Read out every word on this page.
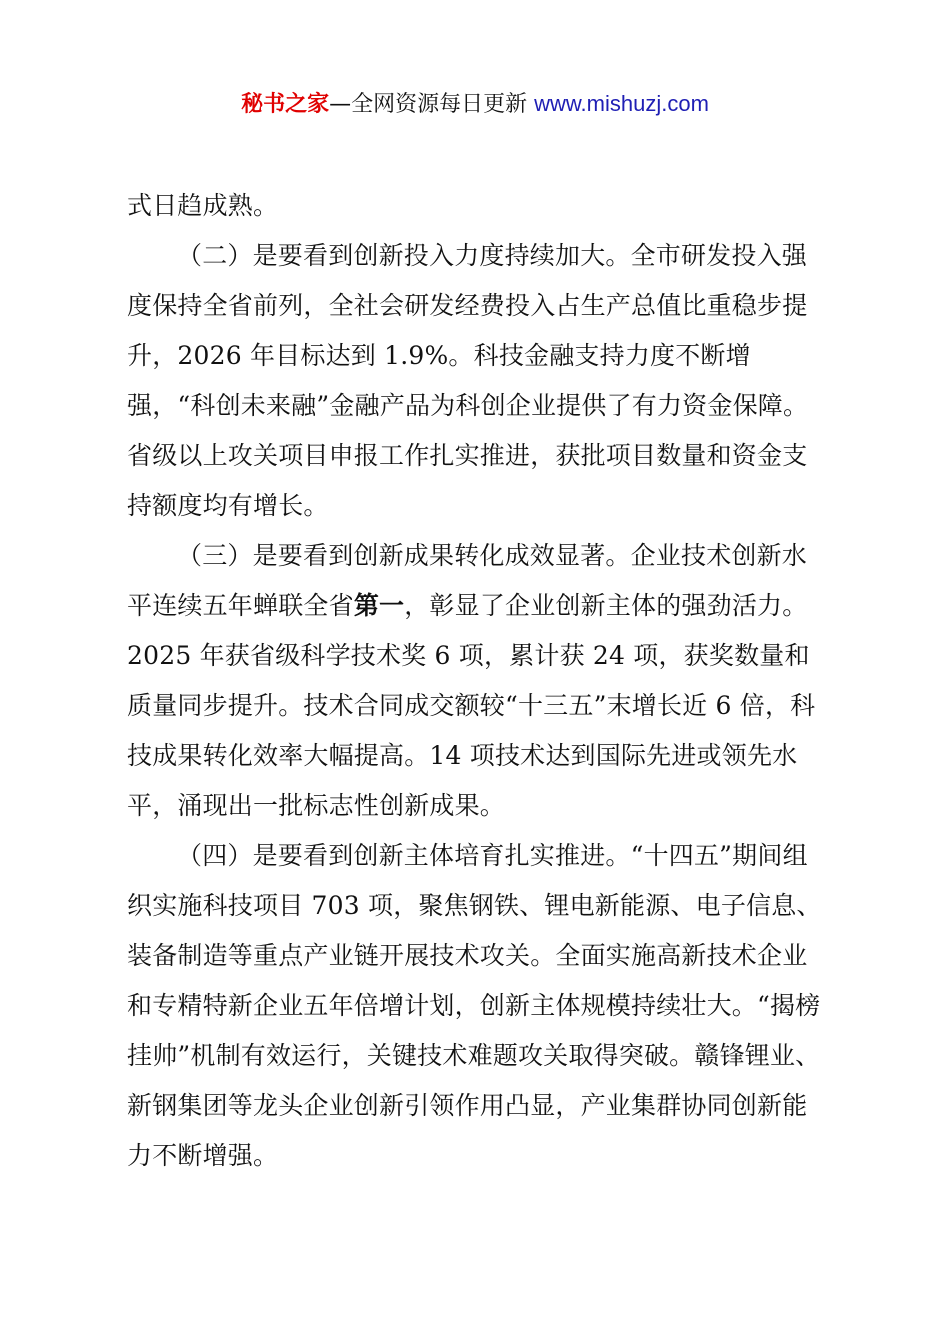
秘书之家—全网资源每日更新 www.mishuzj.com

式日趋成熟。

（二）是要看到创新投入力度持续加大。全市研发投入强度保持全省前列，全社会研发经费投入占生产总值比重稳步提升，2026 年目标达到 1.9%。科技金融支持力度不断增强，“科创未来融”金融产品为科创企业提供了有力资金保障。省级以上攻关项目申报工作扎实推进，获批项目数量和资金支持额度均有增长。

（三）是要看到创新成果转化成效显著。企业技术创新水平连续五年蝉联全省第一，彰显了企业创新主体的强劲活力。2025 年获省级科学技术奖 6 项，累计获 24 项，获奖数量和质量同步提升。技术合同成交额较“十三五”末增长近 6 倍，科技成果转化效率大幅提高。14 项技术达到国际先进或领先水平，涌现出一批标志性创新成果。

（四）是要看到创新主体培育扎实推进。“十四五”期间组织实施科技项目 703 项，聚焦钢铁、锂电新能源、电子信息、装备制造等重点产业链开展技术攻关。全面实施高新技术企业和专精特新企业五年倍增计划，创新主体规模持续壮大。“揭榜挂帅”机制有效运行，关键技术难题攻关取得突破。赣锋锂业、新钢集团等龙头企业创新引领作用凸显，产业集群协同创新能力不断增强。
